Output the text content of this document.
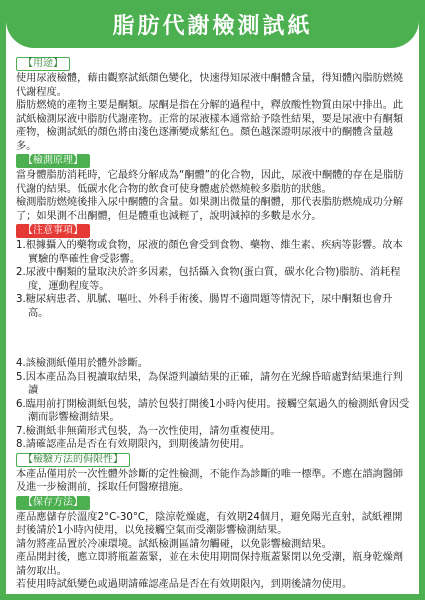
脂肪代謝檢測試紙
【用途】

使用尿液檢體，藉由觀察試紙顏色變化，快速得知尿液中酮體含量，得知體內脂肪燃燒代謝程度。

脂肪燃燒的產物主要是酮類。尿酮是指在分解的過程中，釋放酸性物質由尿中排出。此試紙檢測尿液中脂肪代謝產物。正常的尿液樣本通常給予陰性結果，要是尿液中有酮類產物，檢測試紙的顏色將由淺色逐漸變成紫紅色。顏色越深證明尿液中的酮體含量越多。

【檢測原理】

當身體脂肪消耗時，它最終分解成為“酮體”的化合物，因此，尿液中酮體的存在是脂肪代謝的結果。低碳水化合物的飲食可使身體處於燃燒較多脂肪的狀態。

檢測脂肪燃燒後排入尿中酮體的含量。如果測出微量的酮體，那代表脂肪燃燒成功分解了；如果測不出酮體，但是體重也減輕了，說明減掉的多數是水分。

【注意事項】

1.根據攝入的藥物或食物，尿液的顏色會受到食物、藥物、維生素、疾病等影響。故本實驗的準確性會受影響。

2.尿液中酮類的量取決於許多因素，包括攝入食物(蛋白質，碳水化合物)脂肪、消耗程度，運動程度等。

3.糖尿病患者、肌膩、嘔吐、外科手術後、腸胃不適問題等情況下，尿中酮類也會升高。

4.該檢測紙僅用於體外診斷。

5.因本產品為目視讀取結果，為保證判讀結果的正確，請勿在光線昏暗處對結果進行判讀

6.臨用前打開檢測紙包裝，請於包裝打開後1小時內使用。接觸空氣過久的檢測紙會因受潮而影響檢測結果。

7.檢測紙非無菌形式包裝，為一次性使用，請勿重複使用。

8.請確認產品是否在有效期限內，到期後請勿使用。

【檢驗方法的侷限性】

本產品僅用於一次性體外診斷的定性檢測，不能作為診斷的唯一標準。不應在諮詢醫師及進一步檢測前，採取任何醫療措施。

【保存方法】

產品應儲存於溫度2°C-30°C，陰涼乾燥處，有效期24個月，避免陽光直射，試紙裡開封後請於1小時內使用，以免接觸空氣而受潮影響檢測結果。

請勿將產品置於冷凍環境。試紙檢測區請勿觸碰，以免影響檢測結果。

產品開封後，應立即將瓶蓋蓋緊，並在未使用期間保持瓶蓋緊閉以免受潮，瓶身乾燥劑請勿取出。

若使用時試紙變色或過期請確認產品是否在有效期限內，到期後請勿使用。
